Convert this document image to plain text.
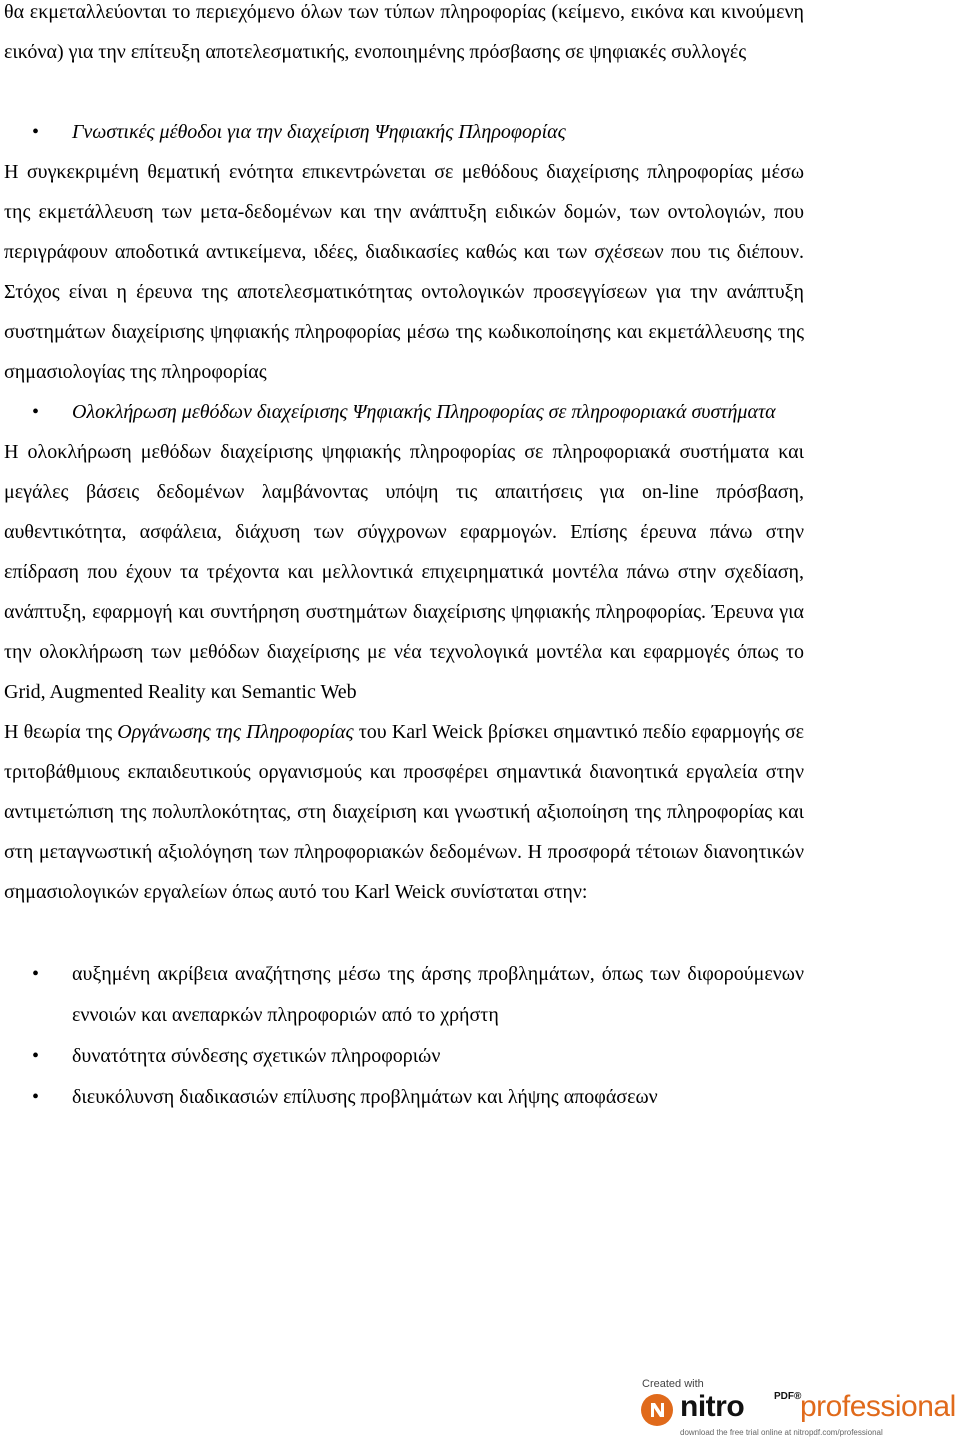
θα εκμεταλλεύονται το περιεχόμενο όλων των τύπων πληροφορίας (κείμενο, εικόνα και κινούμενη εικόνα) για την επίτευξη αποτελεσματικής, ενοποιημένης πρόσβασης σε ψηφιακές συλλογές

• Γνωστικές μέθοδοι για την διαχείριση Ψηφιακής Πληροφορίας

Η συγκεκριμένη θεματική ενότητα επικεντρώνεται σε μεθόδους διαχείρισης πληροφορίας μέσω της εκμετάλλευση των μετα-δεδομένων και την ανάπτυξη ειδικών δομών, των οντολογιών, που περιγράφουν αποδοτικά αντικείμενα, ιδέες, διαδικασίες καθώς και των σχέσεων που τις διέπουν. Στόχος είναι η έρευνα της αποτελεσματικότητας οντολογικών προσεγγίσεων για την ανάπτυξη συστημάτων διαχείρισης ψηφιακής πληροφορίας μέσω της κωδικοποίησης και εκμετάλλευσης της σημασιολογίας της πληροφορίας

• Ολοκλήρωση μεθόδων διαχείρισης Ψηφιακής Πληροφορίας σε πληροφοριακά συστήματα

Η ολοκλήρωση μεθόδων διαχείρισης ψηφιακής πληροφορίας σε πληροφοριακά συστήματα και μεγάλες βάσεις δεδομένων λαμβάνοντας υπόψη τις απαιτήσεις για on-line πρόσβαση, αυθεντικότητα, ασφάλεια, διάχυση των σύγχρονων εφαρμογών. Επίσης έρευνα πάνω στην επίδραση που έχουν τα τρέχοντα και μελλοντικά επιχειρηματικά μοντέλα πάνω στην σχεδίαση, ανάπτυξη, εφαρμογή και συντήρηση συστημάτων διαχείρισης ψηφιακής πληροφορίας. Έρευνα για την ολοκλήρωση των μεθόδων διαχείρισης με νέα τεχνολογικά μοντέλα και εφαρμογές όπως το Grid, Augmented Reality και Semantic Web

Η θεωρία της Οργάνωσης της Πληροφορίας του Karl Weick βρίσκει σημαντικό πεδίο εφαρμογής σε τριτοβάθμιους εκπαιδευτικούς οργανισμούς και προσφέρει σημαντικά διανοητικά εργαλεία στην αντιμετώπιση της πολυπλοκότητας, στη διαχείριση και γνωστική αξιοποίηση της πληροφορίας και στη μεταγνωστική αξιολόγηση των πληροφοριακών δεδομένων. Η προσφορά τέτοιων διανοητικών σημασιολογικών εργαλείων όπως αυτό του Karl Weick συνίσταται στην:

• αυξημένη ακρίβεια αναζήτησης μέσω της άρσης προβλημάτων, όπως των διφορούμενων εννοιών και ανεπαρκών πληροφοριών από το χρήστη

• δυνατότητα σύνδεσης σχετικών πληροφοριών

• διευκόλυνση διαδικασιών επίλυσης προβλημάτων και λήψης αποφάσεων

Created with
nitro	PDF®
professional
download the free trial online at nitropdf.com/professional
